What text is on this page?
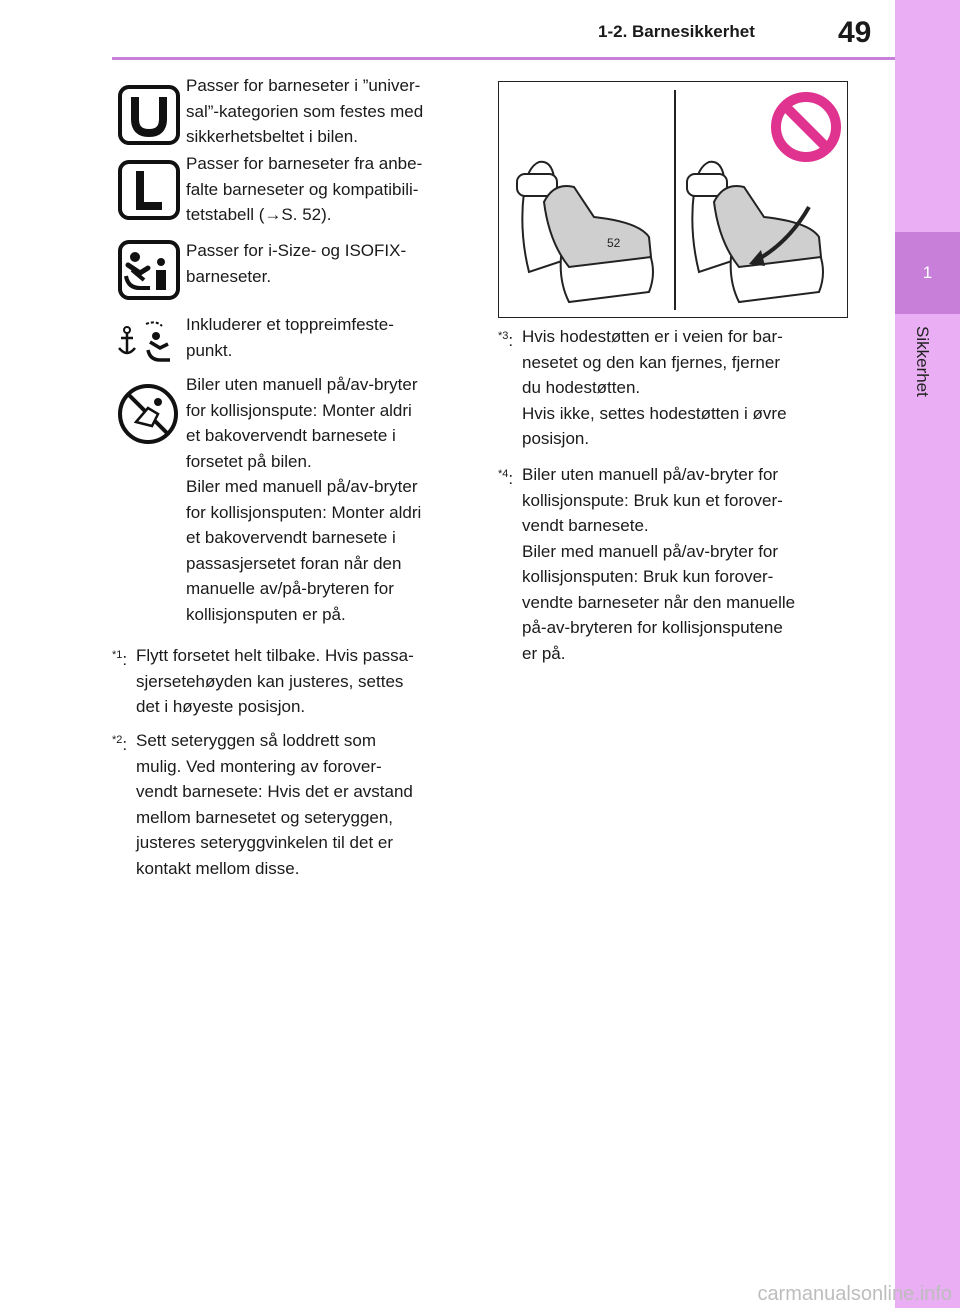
1
Sikkerhet
1-2. Barnesikkerhet	49
Passer for barneseter i ”univer-
sal”-kategorien som festes med
sikkerhetsbeltet i bilen.
Passer for barneseter fra anbe-
falte barneseter og kompatibili-
tetstabell (→S. 52).
Passer for i-Size- og ISOFIX-
barneseter.
Inkluderer et toppreimfeste-
punkt.
Biler uten manuell på/av-bryter
for kollisjonspute: Monter aldri
et bakovervendt barnesete i
forsetet på bilen.
Biler med manuell på/av-bryter
for kollisjonsputen: Monter aldri
et bakovervendt barnesete i
passasjersetet foran når den
manuelle av/på-bryteren for
kollisjonsputen er på.
$^{*1}$: Flytt forsetet helt tilbake. Hvis passa-
sjersetehøyden kan justeres, settes
det i høyeste posisjon.
$^{*2}$: Sett seteryggen så loddrett som
mulig. Ved montering av forover-
vendt barnesete: Hvis det er avstand
mellom barnesetet og seteryggen,
justeres seteryggvinkelen til det er
kontakt mellom disse.
52
$^{*3}$: Hvis hodestøtten er i veien for bar-
nesetet og den kan fjernes, fjerner
du hodestøtten.
Hvis ikke, settes hodestøtten i øvre
posisjon.
$^{*4}$: Biler uten manuell på/av-bryter for
kollisjonspute: Bruk kun et forover-
vendt barnesete.
Biler med manuell på/av-bryter for
kollisjonsputen: Bruk kun forover-
vendte barneseter når den manuelle
på-av-bryteren for kollisjonsputene
er på.
carmanualsonline.info
